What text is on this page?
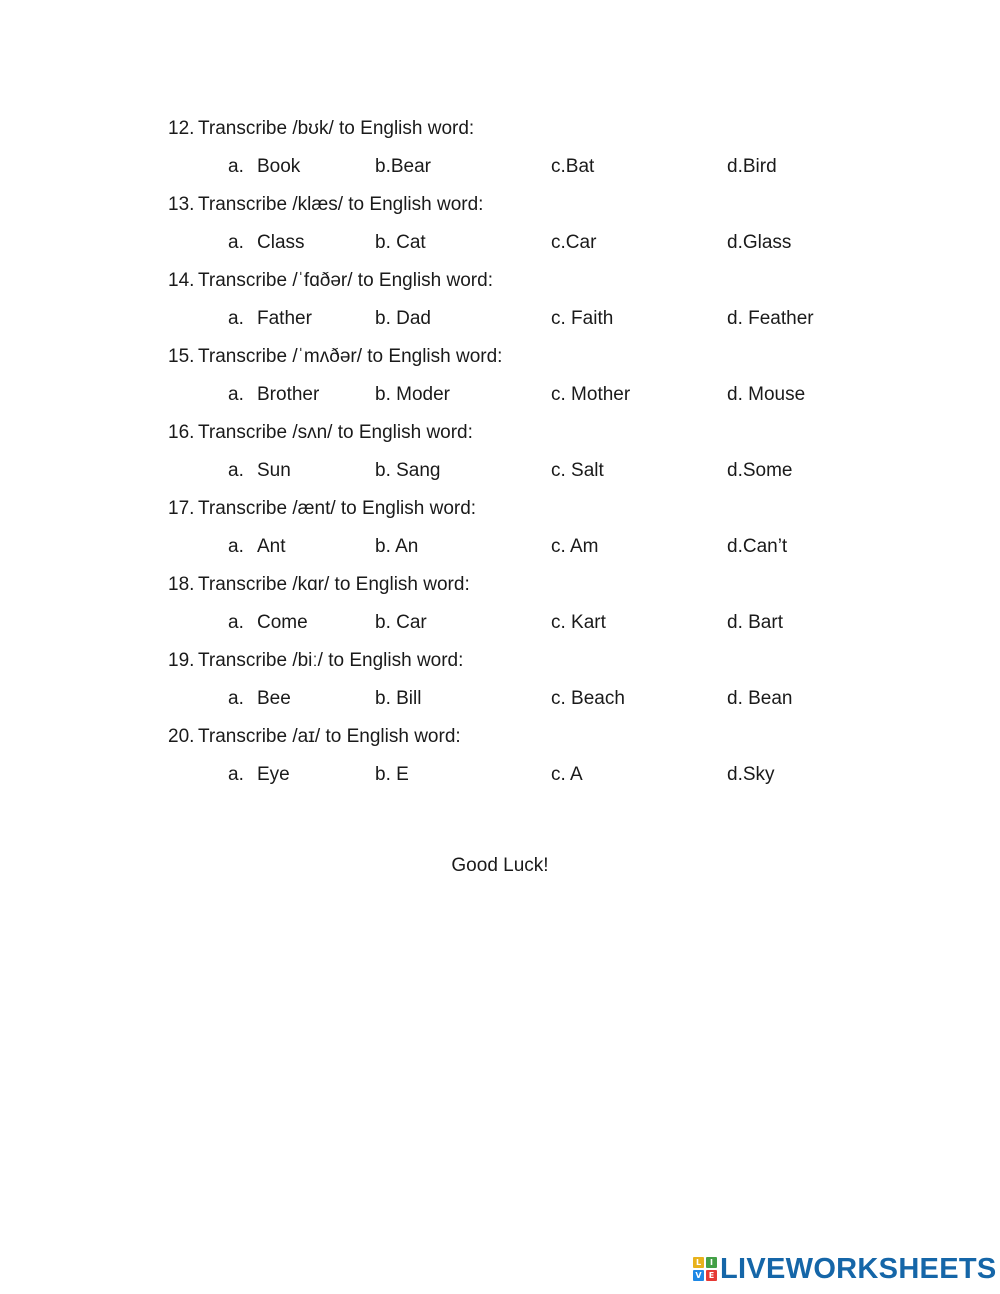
12. Transcribe /bʊk/ to English word:
a. Book	b.Bear	c.Bat	d.Bird
13. Transcribe /klæs/ to English word:
a. Class	b. Cat	c.Car	d.Glass
14. Transcribe /ˈfɑðər/ to English word:
a. Father	b. Dad	c. Faith	d. Feather
15. Transcribe /ˈmʌðər/ to English word:
a. Brother	b. Moder	c. Mother	d. Mouse
16. Transcribe /sʌn/ to English word:
a. Sun	b. Sang	c. Salt	d.Some
17. Transcribe /ænt/ to English word:
a. Ant	b. An	c. Am	d.Can’t
18. Transcribe /kɑr/ to English word:
a. Come	b. Car	c. Kart	d. Bart
19. Transcribe /biː/ to English word:
a. Bee	b. Bill	c. Beach	d. Bean
20. Transcribe /aɪ/ to English word:
a. Eye	b. E	c. A	d.Sky
Good Luck!
L	I
V E LIVEWORKSHEETS
